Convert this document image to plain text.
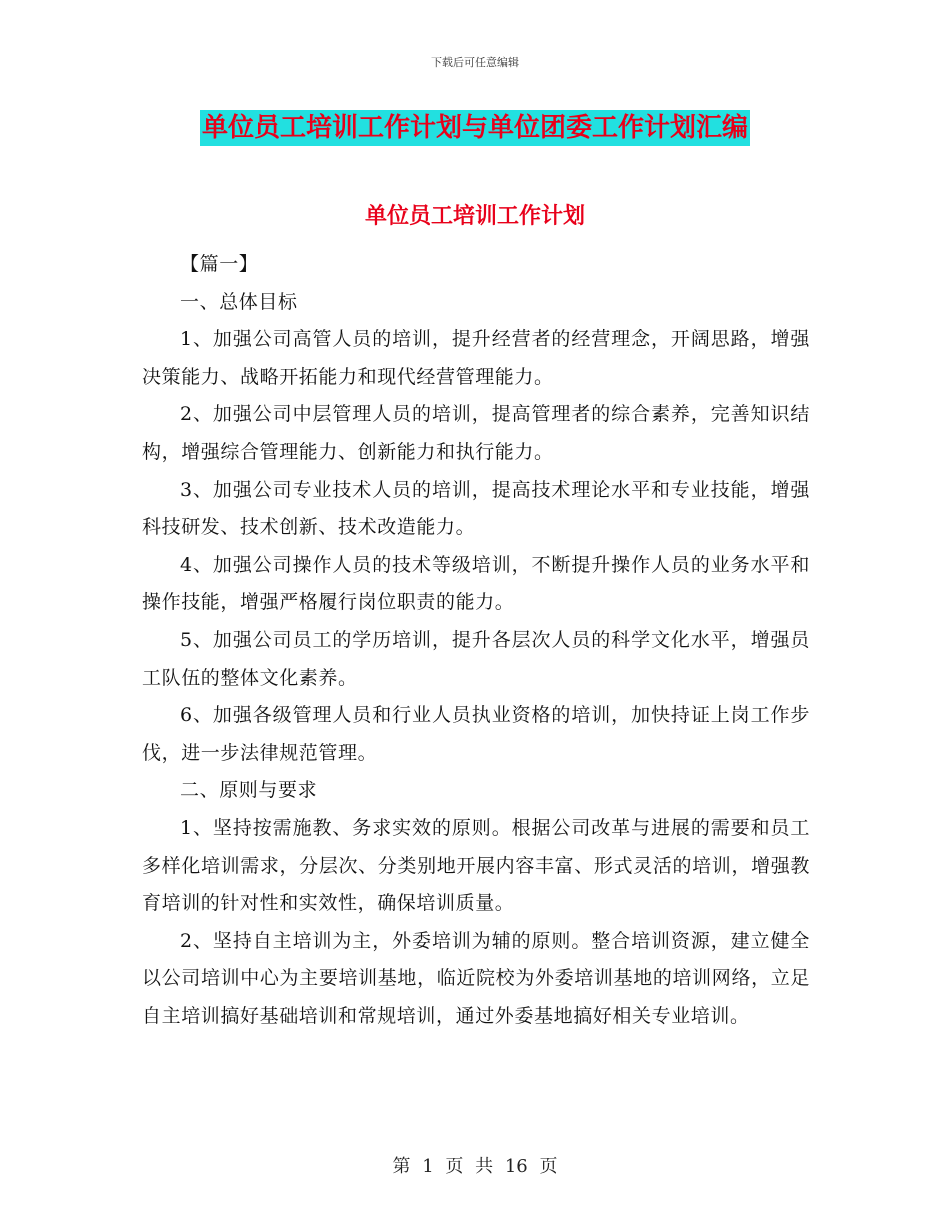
下载后可任意编辑
单位员工培训工作计划与单位团委工作计划汇编
单位员工培训工作计划

【篇一】

一、总体目标

1、加强公司高管人员的培训，提升经营者的经营理念，开阔思路，增强决策能力、战略开拓能力和现代经营管理能力。

2、加强公司中层管理人员的培训，提高管理者的综合素养，完善知识结构，增强综合管理能力、创新能力和执行能力。

3、加强公司专业技术人员的培训，提高技术理论水平和专业技能，增强科技研发、技术创新、技术改造能力。

4、加强公司操作人员的技术等级培训，不断提升操作人员的业务水平和操作技能，增强严格履行岗位职责的能力。

5、加强公司员工的学历培训，提升各层次人员的科学文化水平，增强员工队伍的整体文化素养。

6、加强各级管理人员和行业人员执业资格的培训，加快持证上岗工作步伐，进一步法律规范管理。

二、原则与要求

1、坚持按需施教、务求实效的原则。根据公司改革与进展的需要和员工多样化培训需求，分层次、分类别地开展内容丰富、形式灵活的培训，增强教育培训的针对性和实效性，确保培训质量。

2、坚持自主培训为主，外委培训为辅的原则。整合培训资源，建立健全以公司培训中心为主要培训基地，临近院校为外委培训基地的培训网络，立足自主培训搞好基础培训和常规培训，通过外委基地搞好相关专业培训。

第 1 页 共 16 页
